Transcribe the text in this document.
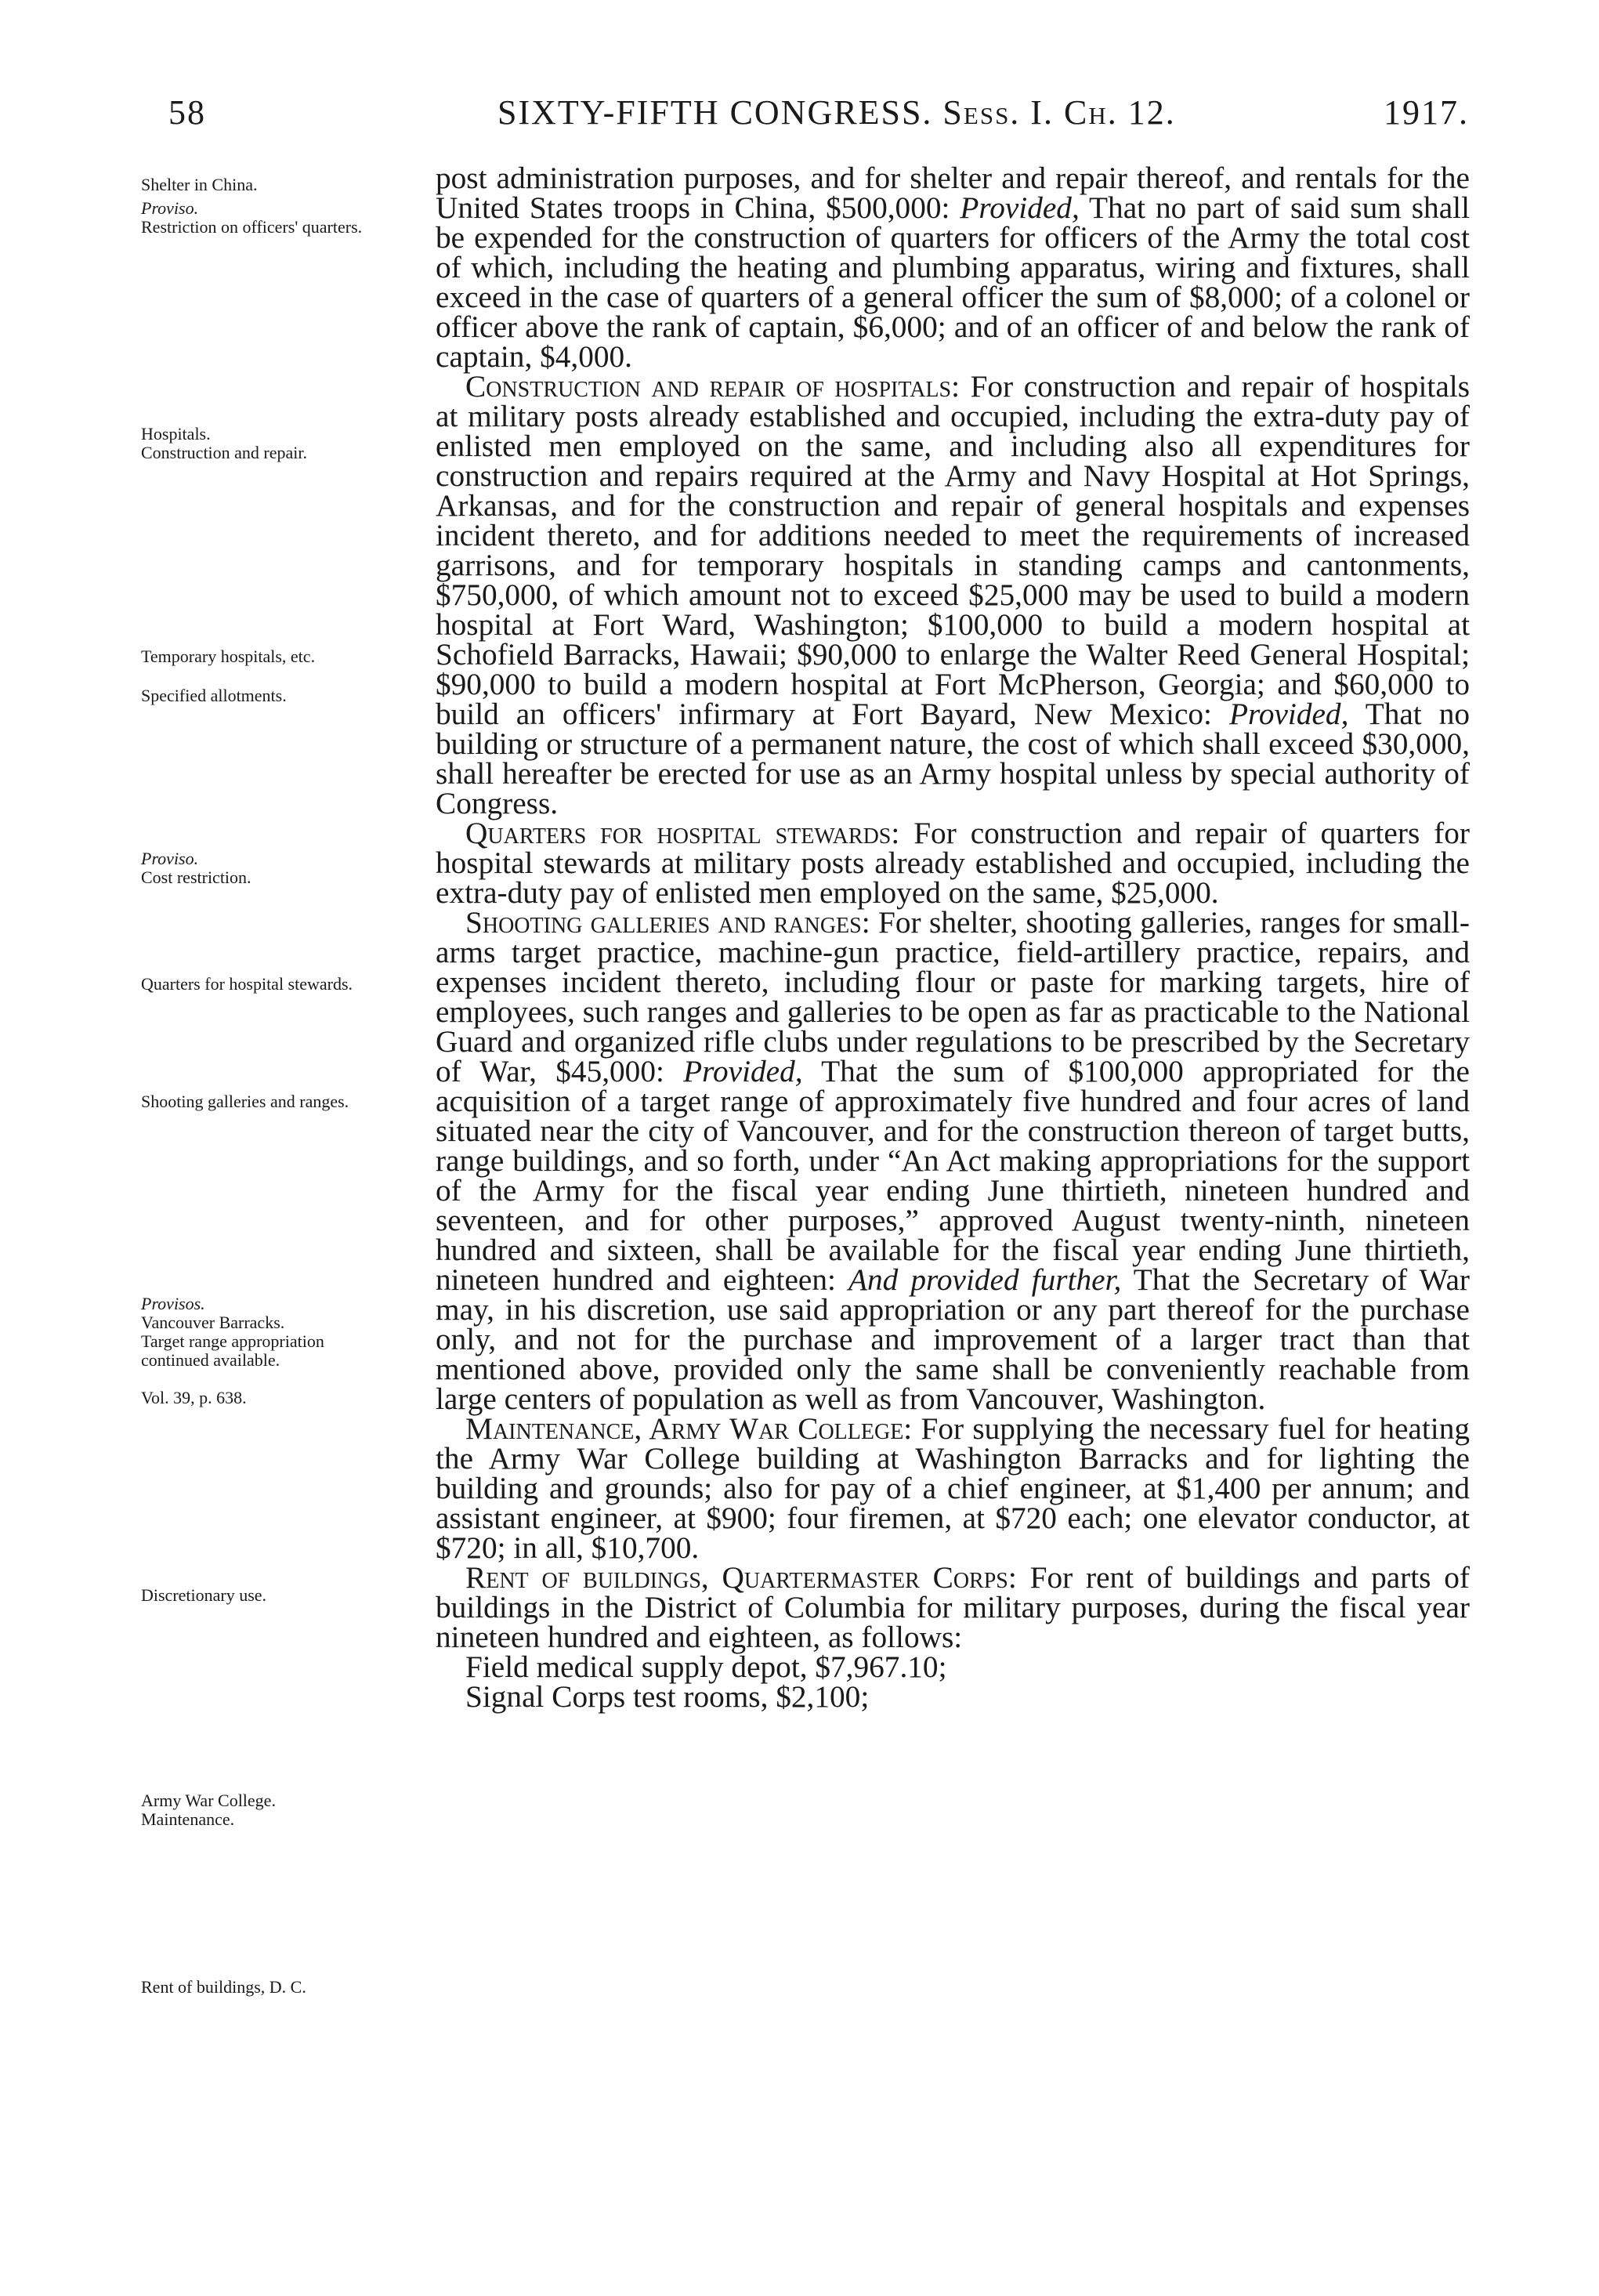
58	SIXTY-FIFTH CONGRESS. Sess. I. Ch. 12.	1917.
Shelter in China.
Proviso.
Restriction on officers' quarters.
Hospitals.
Construction and repair.
Temporary hospitals, etc.
Specified allotments.
Proviso.
Cost restriction.
Quarters for hospital stewards.
Shooting galleries and ranges.
Provisos.
Vancouver Barracks.
Target range appropriation continued available.
Vol. 39, p. 638.
Discretionary use.
Army War College.
Maintenance.
Rent of buildings, D. C.

post administration purposes, and for shelter and repair thereof, and rentals for the United States troops in China, $500,000: Provided, That no part of said sum shall be expended for the construction of quarters for officers of the Army the total cost of which, including the heating and plumbing apparatus, wiring and fixtures, shall exceed in the case of quarters of a general officer the sum of $8,000; of a colonel or officer above the rank of captain, $6,000; and of an officer of and below the rank of captain, $4,000.

Construction and repair of hospitals: For construction and repair of hospitals at military posts already established and occupied, including the extra-duty pay of enlisted men employed on the same, and including also all expenditures for construction and repairs required at the Army and Navy Hospital at Hot Springs, Arkansas, and for the construction and repair of general hospitals and expenses incident thereto, and for additions needed to meet the requirements of increased garrisons, and for temporary hospitals in standing camps and cantonments, $750,000, of which amount not to exceed $25,000 may be used to build a modern hospital at Fort Ward, Washington; $100,000 to build a modern hospital at Schofield Barracks, Hawaii; $90,000 to enlarge the Walter Reed General Hospital; $90,000 to build a modern hospital at Fort McPherson, Georgia; and $60,000 to build an officers' infirmary at Fort Bayard, New Mexico: Provided, That no building or structure of a permanent nature, the cost of which shall exceed $30,000, shall hereafter be erected for use as an Army hospital unless by special authority of Congress.

Quarters for hospital stewards: For construction and repair of quarters for hospital stewards at military posts already established and occupied, including the extra-duty pay of enlisted men employed on the same, $25,000.

Shooting galleries and ranges: For shelter, shooting galleries, ranges for small-arms target practice, machine-gun practice, field-artillery practice, repairs, and expenses incident thereto, including flour or paste for marking targets, hire of employees, such ranges and galleries to be open as far as practicable to the National Guard and organized rifle clubs under regulations to be prescribed by the Secretary of War, $45,000: Provided, That the sum of $100,000 appropriated for the acquisition of a target range of approximately five hundred and four acres of land situated near the city of Vancouver, and for the construction thereon of target butts, range buildings, and so forth, under “An Act making appropriations for the support of the Army for the fiscal year ending June thirtieth, nineteen hundred and seventeen, and for other purposes,” approved August twenty-ninth, nineteen hundred and sixteen, shall be available for the fiscal year ending June thirtieth, nineteen hundred and eighteen: And provided further, That the Secretary of War may, in his discretion, use said appropriation or any part thereof for the purchase only, and not for the purchase and improvement of a larger tract than that mentioned above, provided only the same shall be conveniently reachable from large centers of population as well as from Vancouver, Washington.

Maintenance, Army War College: For supplying the necessary fuel for heating the Army War College building at Washington Barracks and for lighting the building and grounds; also for pay of a chief engineer, at $1,400 per annum; and assistant engineer, at $900; four firemen, at $720 each; one elevator conductor, at $720; in all, $10,700.

Rent of buildings, Quartermaster Corps: For rent of buildings and parts of buildings in the District of Columbia for military purposes, during the fiscal year nineteen hundred and eighteen, as follows:

Field medical supply depot, $7,967.10;

Signal Corps test rooms, $2,100;
